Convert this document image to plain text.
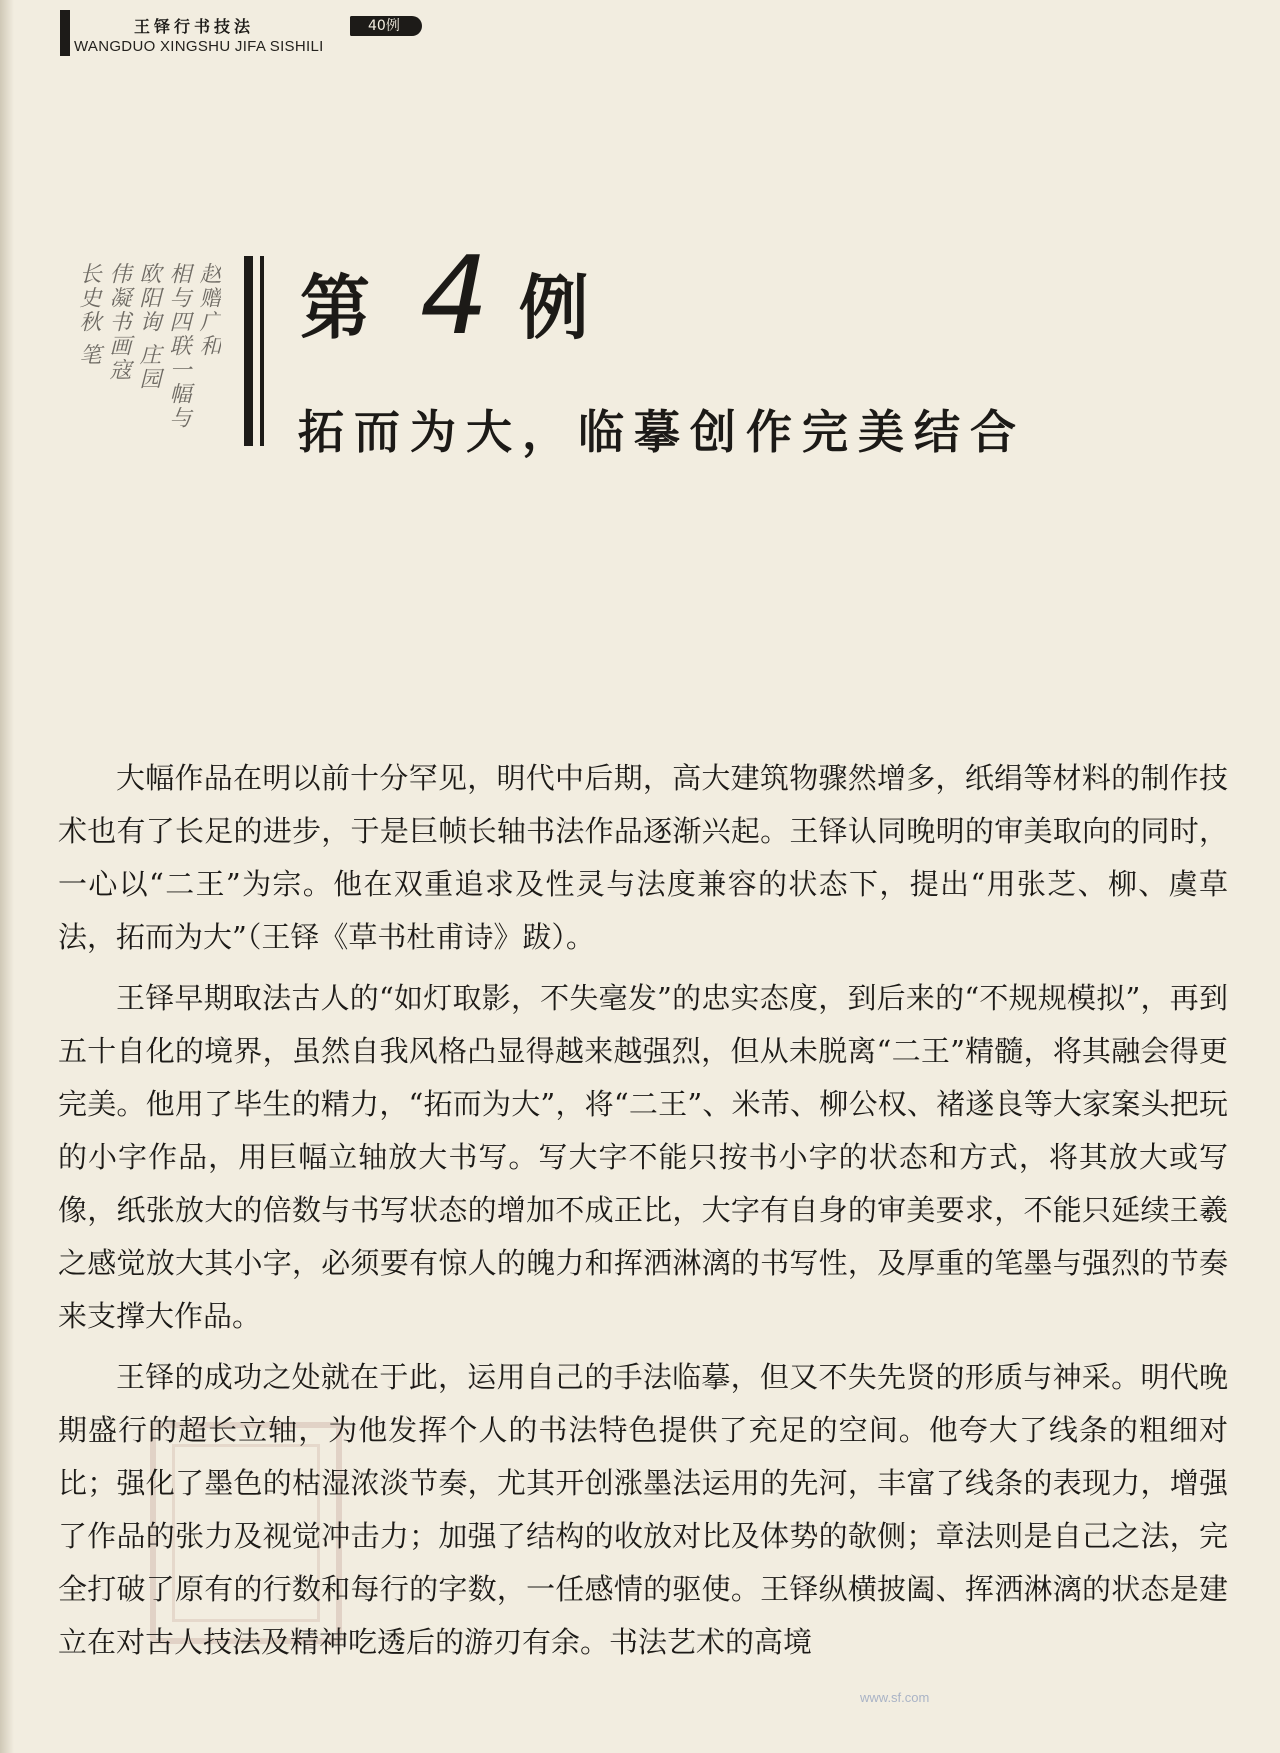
王铎行书技法	40例
WANGDUO XINGSHU JIFA SISHILI
赵赠广和
相与四联一幅与
欧阳询 庄园
伟凝书画寇
长史秋 笔	第 4 例
拓而为大，临摹创作完美结合

大幅作品在明以前十分罕见，明代中后期，高大建筑物骤然增多，纸绢等材料的制作技术也有了长足的进步，于是巨帧长轴书法作品逐渐兴起。王铎认同晚明的审美取向的同时，一心以“二王”为宗。他在双重追求及性灵与法度兼容的状态下，提出“用张芝、柳、虞草法，拓而为大”（王铎《草书杜甫诗》跋）。

王铎早期取法古人的“如灯取影，不失毫发”的忠实态度，到后来的“不规规模拟”，再到五十自化的境界，虽然自我风格凸显得越来越强烈，但从未脱离“二王”精髓，将其融会得更完美。他用了毕生的精力，“拓而为大”，将“二王”、米芾、柳公权、褚遂良等大家案头把玩的小字作品，用巨幅立轴放大书写。写大字不能只按书小字的状态和方式，将其放大或写像，纸张放大的倍数与书写状态的增加不成正比，大字有自身的审美要求，不能只延续王羲之感觉放大其小字，必须要有惊人的魄力和挥洒淋漓的书写性，及厚重的笔墨与强烈的节奏来支撑大作品。

王铎的成功之处就在于此，运用自己的手法临摹，但又不失先贤的形质与神采。明代晚期盛行的超长立轴，为他发挥个人的书法特色提供了充足的空间。他夸大了线条的粗细对比；强化了墨色的枯湿浓淡节奏，尤其开创涨墨法运用的先河，丰富了线条的表现力，增强了作品的张力及视觉冲击力；加强了结构的收放对比及体势的欹侧；章法则是自己之法，完全打破了原有的行数和每行的字数，一任感情的驱使。王铎纵横披阖、挥洒淋漓的状态是建立在对古人技法及精神吃透后的游刃有余。书法艺术的高境

www.sf.com
